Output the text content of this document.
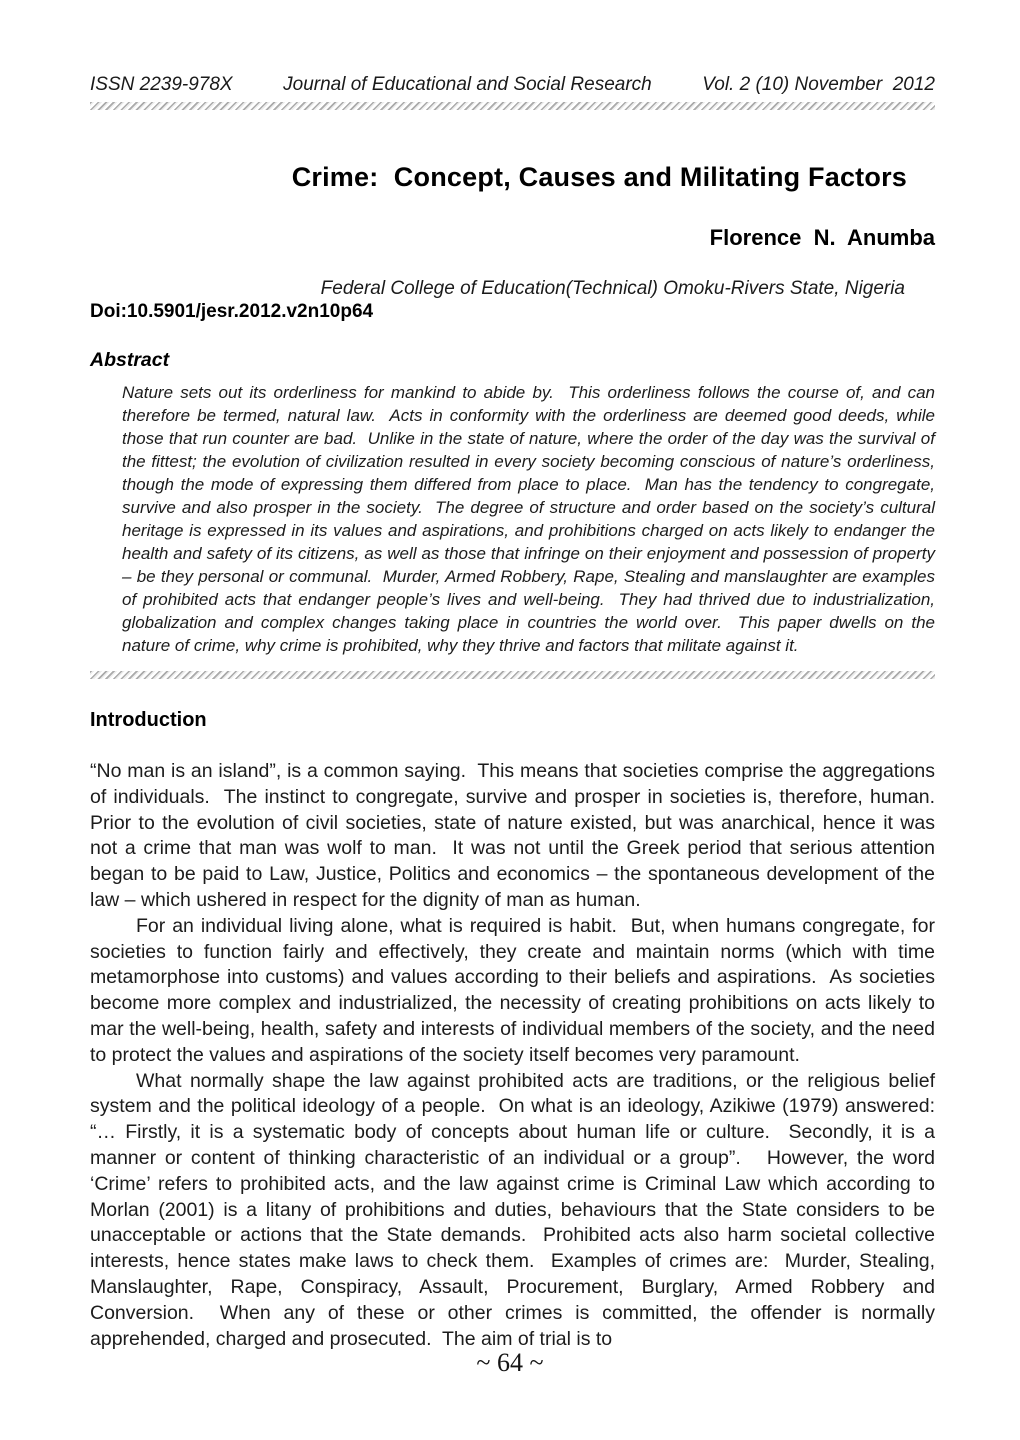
ISSN 2239-978X	Journal of Educational and Social Research	Vol. 2 (10) November  2012
Crime:  Concept, Causes and Militating Factors
Florence  N.  Anumba
Federal College of Education(Technical) Omoku-Rivers State, Nigeria
Doi:10.5901/jesr.2012.v2n10p64
Abstract

Nature sets out its orderliness for mankind to abide by.  This orderliness follows the course of, and can therefore be termed, natural law.  Acts in conformity with the orderliness are deemed good deeds, while those that run counter are bad.  Unlike in the state of nature, where the order of the day was the survival of the fittest; the evolution of civilization resulted in every society becoming conscious of nature’s orderliness, though the mode of expressing them differed from place to place.  Man has the tendency to congregate, survive and also prosper in the society.  The degree of structure and order based on the society’s cultural heritage is expressed in its values and aspirations, and prohibitions charged on acts likely to endanger the health and safety of its citizens, as well as those that infringe on their enjoyment and possession of property – be they personal or communal.  Murder, Armed Robbery, Rape, Stealing and manslaughter are examples of prohibited acts that endanger people’s lives and well-being.  They had thrived due to industrialization, globalization and complex changes taking place in countries the world over.  This paper dwells on the nature of crime, why crime is prohibited, why they thrive and factors that militate against it.

Introduction

“No man is an island”, is a common saying.  This means that societies comprise the aggregations of individuals.  The instinct to congregate, survive and prosper in societies is, therefore, human.  Prior to the evolution of civil societies, state of nature existed, but was anarchical, hence it was not a crime that man was wolf to man.  It was not until the Greek period that serious attention began to be paid to Law, Justice, Politics and economics – the spontaneous development of the law – which ushered in respect for the dignity of man as human.

For an individual living alone, what is required is habit.  But, when humans congregate, for societies to function fairly and effectively, they create and maintain norms (which with time metamorphose into customs) and values according to their beliefs and aspirations.  As societies become more complex and industrialized, the necessity of creating prohibitions on acts likely to mar the well-being, health, safety and interests of individual members of the society, and the need to protect the values and aspirations of the society itself becomes very paramount.

What normally shape the law against prohibited acts are traditions, or the religious belief system and the political ideology of a people.  On what is an ideology, Azikiwe (1979) answered: “… Firstly, it is a systematic body of concepts about human life or culture.  Secondly, it is a manner or content of thinking characteristic of an individual or a group”.   However, the word ‘Crime’ refers to prohibited acts, and the law against crime is Criminal Law which according to Morlan (2001) is a litany of prohibitions and duties, behaviours that the State considers to be unacceptable or actions that the State demands.  Prohibited acts also harm societal collective interests, hence states make laws to check them.  Examples of crimes are:  Murder, Stealing, Manslaughter, Rape, Conspiracy, Assault, Procurement, Burglary, Armed Robbery and Conversion.  When any of these or other crimes is committed, the offender is normally apprehended, charged and prosecuted.  The aim of trial is to

~ 64 ~
